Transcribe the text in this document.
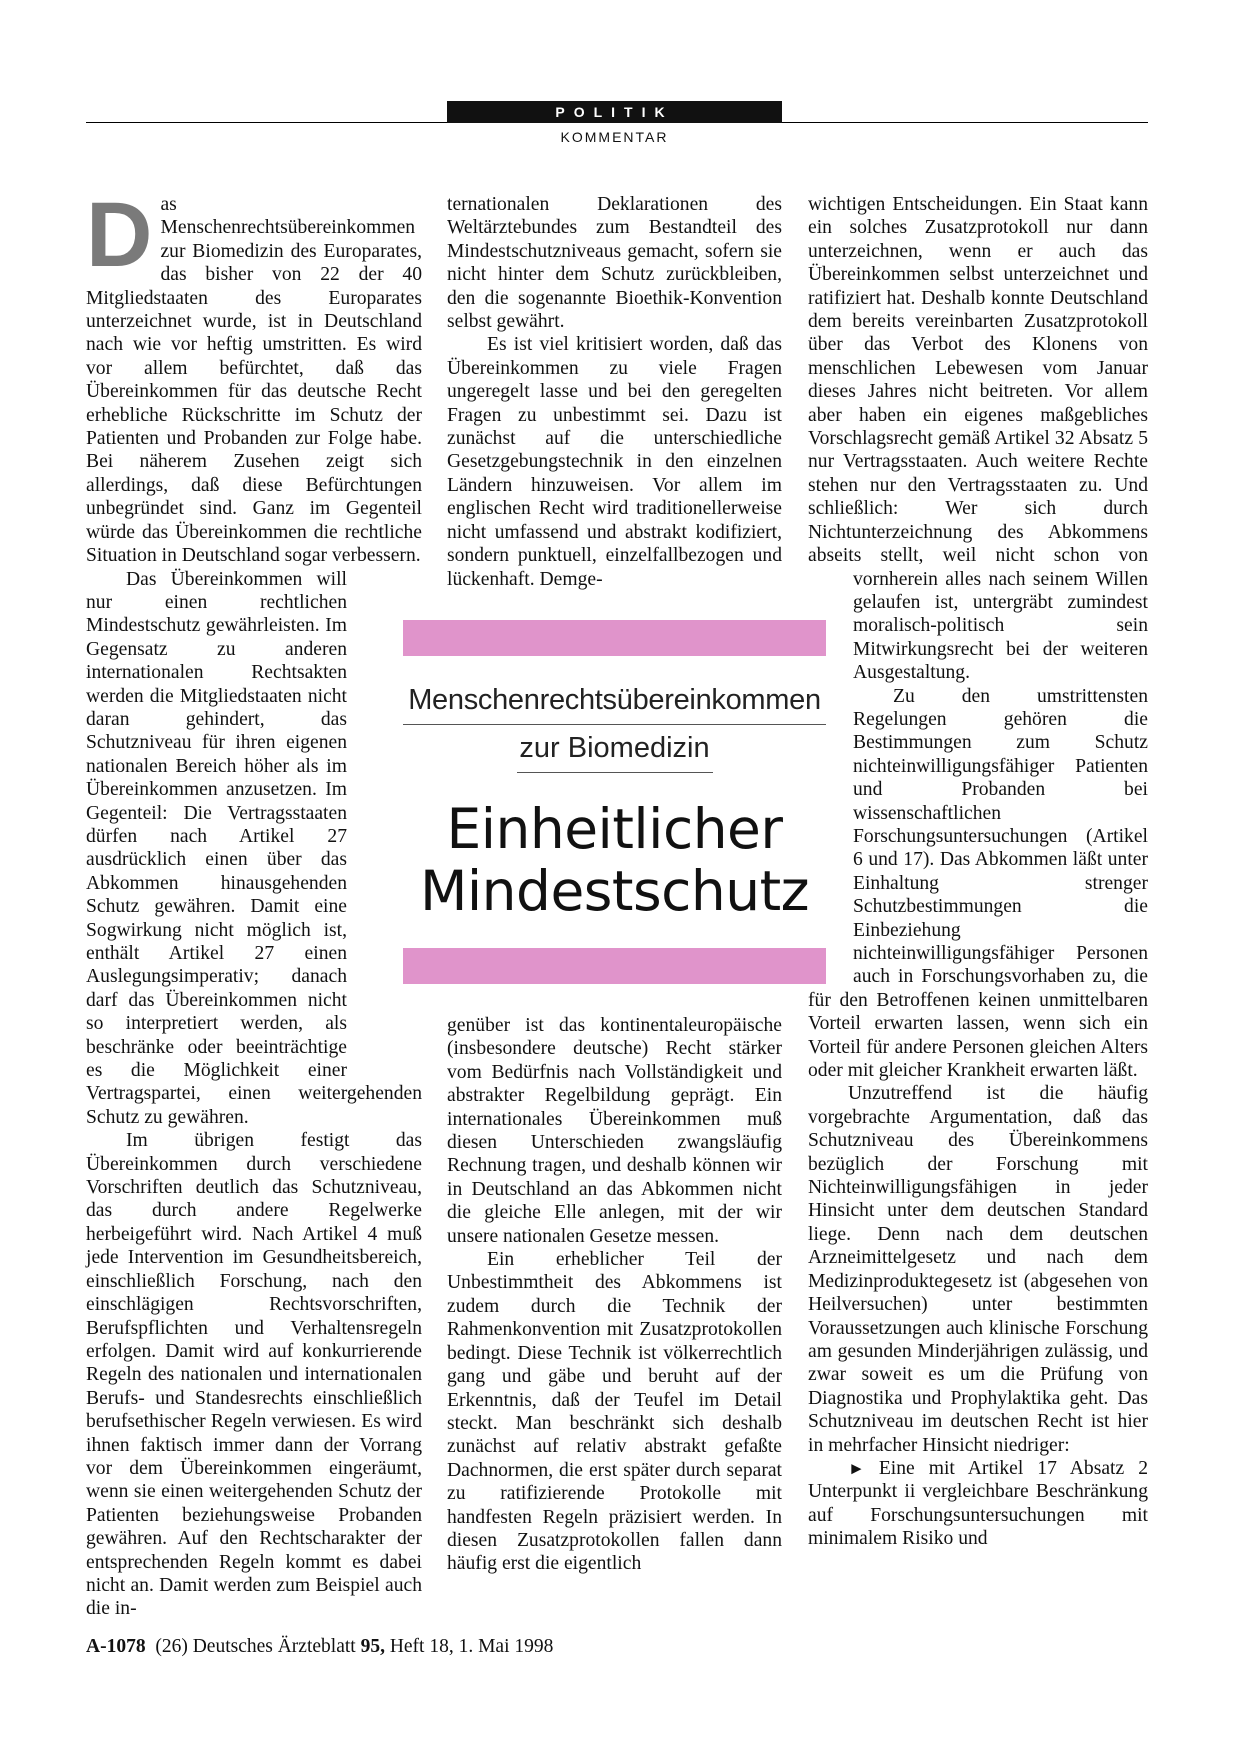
POLITIK
KOMMENTAR
D as Menschenrechtsübereinkommen zur Biomedizin des Europarates, das bisher von 22 der 40 Mitgliedstaaten des Europarates unterzeichnet wurde, ist in Deutschland nach wie vor heftig umstritten. Es wird vor allem befürchtet, daß das Übereinkommen für das deutsche Recht erhebliche Rückschritte im Schutz der Patienten und Probanden zur Folge habe. Bei näherem Zusehen zeigt sich allerdings, daß diese Befürchtungen unbegründet sind. Ganz im Gegenteil würde das Übereinkommen die rechtliche Situation in Deutschland sogar verbessern.

Das Übereinkommen will nur einen rechtlichen Mindestschutz gewährleisten. Im Gegensatz zu anderen internationalen Rechtsakten werden die Mitgliedstaaten nicht daran gehindert, das Schutzniveau für ihren eigenen nationalen Bereich höher als im Übereinkommen anzusetzen. Im Gegenteil: Die Vertragsstaaten dürfen nach Artikel 27 ausdrücklich einen über das Abkommen hinausgehenden Schutz gewähren. Damit eine Sogwirkung nicht möglich ist, enthält Artikel 27 einen Auslegungsimperativ; danach darf das Übereinkommen nicht so interpretiert werden, als beschränke oder beeinträchtige es die Möglichkeit einer Vertragspartei, einen weitergehenden Schutz zu gewähren.

Im übrigen festigt das Übereinkommen durch verschiedene Vorschriften deutlich das Schutzniveau, das durch andere Regelwerke herbeigeführt wird. Nach Artikel 4 muß jede Intervention im Gesundheitsbereich, einschließlich Forschung, nach den einschlägigen Rechtsvorschriften, Berufspflichten und Verhaltensregeln erfolgen. Damit wird auf konkurrierende Regeln des nationalen und internationalen Berufs- und Standesrechts einschließlich berufsethischer Regeln verwiesen. Es wird ihnen faktisch immer dann der Vorrang vor dem Übereinkommen eingeräumt, wenn sie einen weitergehenden Schutz der Patienten beziehungsweise Probanden gewähren. Auf den Rechtscharakter der entsprechenden Regeln kommt es dabei nicht an. Damit werden zum Beispiel auch die in-

ternationalen Deklarationen des Weltärztebundes zum Bestandteil des Mindestschutzniveaus gemacht, sofern sie nicht hinter dem Schutz zurückbleiben, den die sogenannte Bioethik-Konvention selbst gewährt.

Es ist viel kritisiert worden, daß das Übereinkommen zu viele Fragen ungeregelt lasse und bei den geregelten Fragen zu unbestimmt sei. Dazu ist zunächst auf die unterschiedliche Gesetzgebungstechnik in den einzelnen Ländern hinzuweisen. Vor allem im englischen Recht wird traditionellerweise nicht umfassend und abstrakt kodifiziert, sondern punktuell, einzelfallbezogen und lückenhaft. Demge-

Menschenrechtsübereinkommen
zur Biomedizin
Einheitlicher
Mindestschutz

genüber ist das kontinentaleuropäische (insbesondere deutsche) Recht stärker vom Bedürfnis nach Vollständigkeit und abstrakter Regelbildung geprägt. Ein internationales Übereinkommen muß diesen Unterschieden zwangsläufig Rechnung tragen, und deshalb können wir in Deutschland an das Abkommen nicht die gleiche Elle anlegen, mit der wir unsere nationalen Gesetze messen.

Ein erheblicher Teil der Unbestimmtheit des Abkommens ist zudem durch die Technik der Rahmenkonvention mit Zusatzprotokollen bedingt. Diese Technik ist völkerrechtlich gang und gäbe und beruht auf der Erkenntnis, daß der Teufel im Detail steckt. Man beschränkt sich deshalb zunächst auf relativ abstrakt gefaßte Dachnormen, die erst später durch separat zu ratifizierende Protokolle mit handfesten Regeln präzisiert werden. In diesen Zusatzprotokollen fallen dann häufig erst die eigentlich

wichtigen Entscheidungen. Ein Staat kann ein solches Zusatzprotokoll nur dann unterzeichnen, wenn er auch das Übereinkommen selbst unterzeichnet und ratifiziert hat. Deshalb konnte Deutschland dem bereits vereinbarten Zusatzprotokoll über das Verbot des Klonens von menschlichen Lebewesen vom Januar dieses Jahres nicht beitreten. Vor allem aber haben ein eigenes maßgebliches Vorschlagsrecht gemäß Artikel 32 Absatz 5 nur Vertragsstaaten. Auch weitere Rechte stehen nur den Vertragsstaaten zu. Und schließlich: Wer sich durch Nichtunterzeichnung des Abkommens abseits stellt, weil nicht schon von vornherein alles nach seinem Willen gelaufen ist, untergräbt zumindest moralisch-politisch sein Mitwirkungsrecht bei der weiteren Ausgestaltung.

Zu den umstrittensten Regelungen gehören die Bestimmungen zum Schutz nichteinwilligungsfähiger Patienten und Probanden bei wissenschaftlichen Forschungsuntersuchungen (Artikel 6 und 17). Das Abkommen läßt unter Einhaltung strenger Schutzbestimmungen die Einbeziehung nichteinwilligungsfähiger Personen auch in Forschungsvorhaben zu, die für den Betroffenen keinen unmittelbaren Vorteil erwarten lassen, wenn sich ein Vorteil für andere Personen gleichen Alters oder mit gleicher Krankheit erwarten läßt.

Unzutreffend ist die häufig vorgebrachte Argumentation, daß das Schutzniveau des Übereinkommens bezüglich der Forschung mit Nichteinwilligungsfähigen in jeder Hinsicht unter dem deutschen Standard liege. Denn nach dem deutschen Arzneimittelgesetz und nach dem Medizinproduktegesetz ist (abgesehen von Heilversuchen) unter bestimmten Voraussetzungen auch klinische Forschung am gesunden Minderjährigen zulässig, und zwar soweit es um die Prüfung von Diagnostika und Prophylaktika geht. Das Schutzniveau im deutschen Recht ist hier in mehrfacher Hinsicht niedriger:

► Eine mit Artikel 17 Absatz 2 Unterpunkt ii vergleichbare Beschränkung auf Forschungsuntersuchungen mit minimalem Risiko und

A-1078 (26) Deutsches Ärzteblatt 95, Heft 18, 1. Mai 1998
